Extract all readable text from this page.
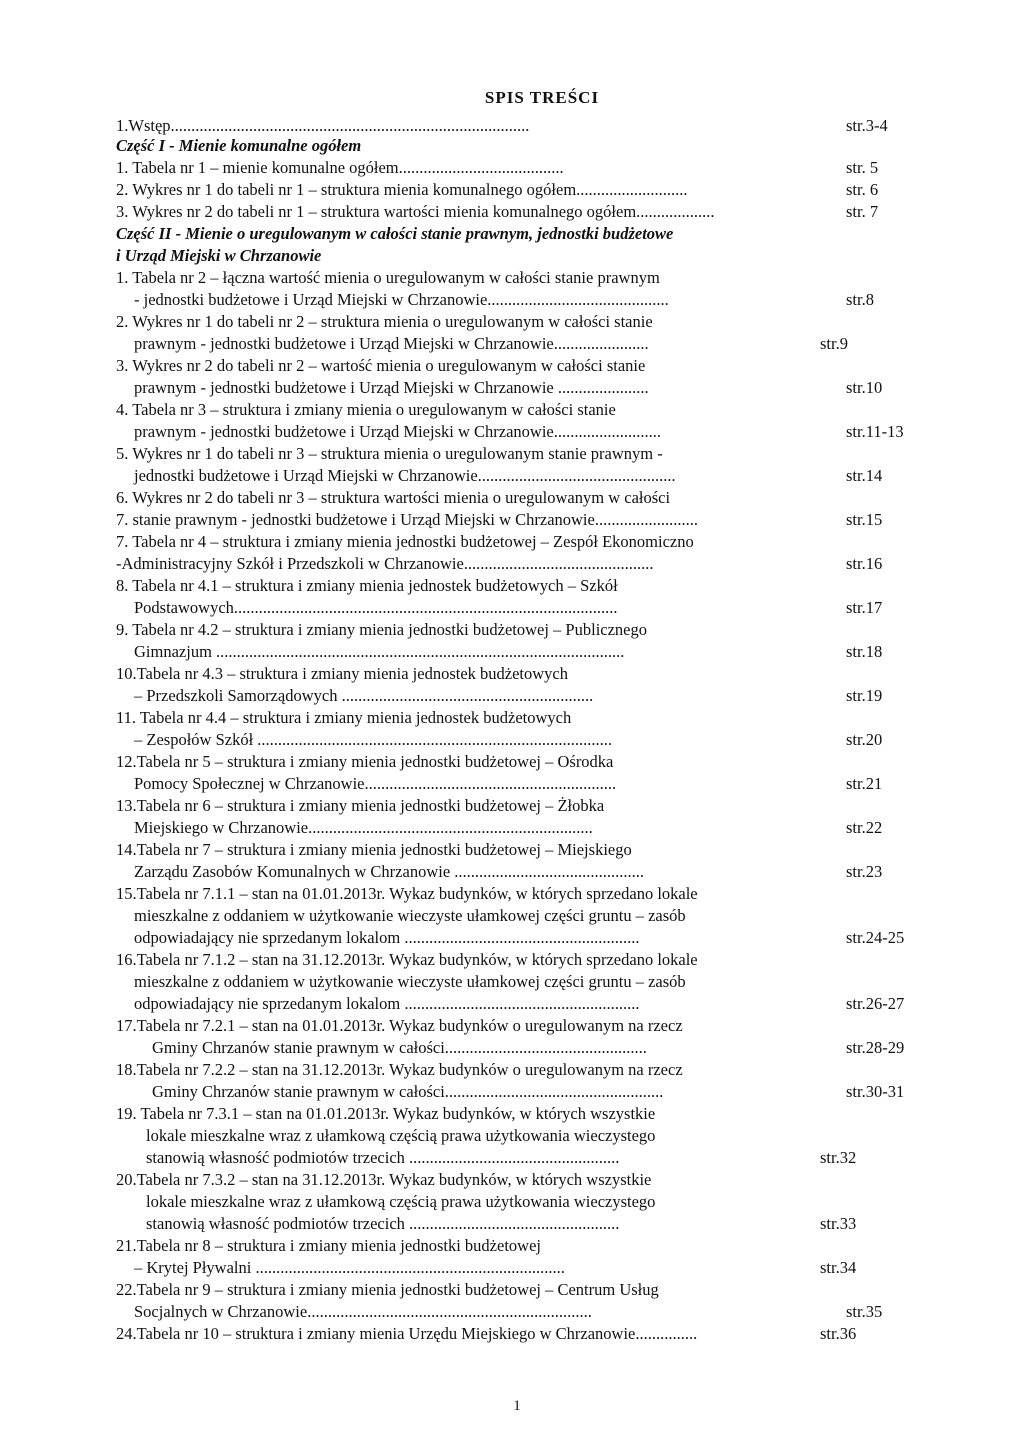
SPIS TREŚCI
1.Wstęp.......................................................................................	str.3-4
Część I - Mienie komunalne ogółem
1. Tabela nr 1 – mienie komunalne ogółem........................................	str. 5
2. Wykres nr 1 do tabeli nr 1 – struktura mienia komunalnego ogółem...........................	str. 6
3. Wykres nr 2 do tabeli nr 1 – struktura wartości mienia komunalnego ogółem...................	str. 7
Część II - Mienie o uregulowanym w całości stanie prawnym, jednostki budżetowe
i Urząd Miejski w Chrzanowie
1. Tabela nr 2 – łączna wartość mienia o uregulowanym w całości stanie prawnym
- jednostki budżetowe i Urząd Miejski w Chrzanowie............................................	str.8
2. Wykres nr 1 do tabeli nr 2 – struktura mienia o uregulowanym w całości stanie
prawnym - jednostki budżetowe i Urząd Miejski w Chrzanowie.......................	str.9
3. Wykres nr 2 do tabeli nr 2 – wartość mienia o uregulowanym w całości stanie
prawnym - jednostki budżetowe i Urząd Miejski w Chrzanowie ......................	str.10
4. Tabela nr 3 – struktura i zmiany mienia o uregulowanym w całości stanie
prawnym - jednostki budżetowe i Urząd Miejski w Chrzanowie..........................	str.11-13
5. Wykres nr 1 do tabeli nr 3 – struktura mienia o uregulowanym stanie prawnym -
jednostki budżetowe i Urząd Miejski w Chrzanowie................................................	str.14
6. Wykres nr 2 do tabeli nr 3 – struktura wartości mienia o uregulowanym w całości
7. stanie prawnym - jednostki budżetowe i Urząd Miejski w Chrzanowie.........................	str.15
7. Tabela nr 4 – struktura i zmiany mienia jednostki budżetowej – Zespół Ekonomiczno
-Administracyjny Szkół i Przedszkoli w Chrzanowie..............................................	str.16
8. Tabela nr 4.1 – struktura i zmiany mienia jednostek budżetowych – Szkół
Podstawowych.............................................................................................	str.17
9. Tabela nr 4.2 – struktura i zmiany mienia jednostki budżetowej – Publicznego
Gimnazjum ...................................................................................................	str.18
10.Tabela nr 4.3 – struktura i zmiany mienia jednostek budżetowych
– Przedszkoli Samorządowych .............................................................	str.19
11. Tabela nr 4.4 – struktura i zmiany mienia jednostek budżetowych
– Zespołów Szkół ......................................................................................	str.20
12.Tabela nr 5 – struktura i zmiany mienia jednostki budżetowej – Ośrodka
Pomocy Społecznej w Chrzanowie.............................................................	str.21
13.Tabela nr 6 – struktura i zmiany mienia jednostki budżetowej – Żłobka
Miejskiego w Chrzanowie.....................................................................	str.22
14.Tabela nr 7 – struktura i zmiany mienia jednostki budżetowej – Miejskiego
Zarządu Zasobów Komunalnych w Chrzanowie ..............................................	str.23
15.Tabela nr 7.1.1 – stan na 01.01.2013r. Wykaz budynków, w których sprzedano lokale
mieszkalne z oddaniem w użytkowanie wieczyste ułamkowej części gruntu – zasób
odpowiadający nie sprzedanym lokalom .........................................................	str.24-25
16.Tabela nr 7.1.2 – stan na 31.12.2013r. Wykaz budynków, w których sprzedano lokale
mieszkalne z oddaniem w użytkowanie wieczyste ułamkowej części gruntu – zasób
odpowiadający nie sprzedanym lokalom .........................................................	str.26-27
17.Tabela nr 7.2.1 – stan na 01.01.2013r. Wykaz budynków o uregulowanym na rzecz
Gminy Chrzanów stanie prawnym w całości.................................................	str.28-29
18.Tabela nr 7.2.2 – stan na 31.12.2013r. Wykaz budynków o uregulowanym na rzecz
Gminy Chrzanów stanie prawnym w całości.....................................................	str.30-31
19. Tabela nr 7.3.1 – stan na 01.01.2013r. Wykaz budynków, w których wszystkie
lokale mieszkalne wraz z ułamkową częścią prawa użytkowania wieczystego
stanowią własność podmiotów trzecich ...................................................	str.32
20.Tabela nr 7.3.2 – stan na 31.12.2013r. Wykaz budynków, w których wszystkie
lokale mieszkalne wraz z ułamkową częścią prawa użytkowania wieczystego
stanowią własność podmiotów trzecich ...................................................	str.33
21.Tabela nr 8 – struktura i zmiany mienia jednostki budżetowej
– Krytej Pływalni ...........................................................................	str.34
22.Tabela nr 9 – struktura i zmiany mienia jednostki budżetowej – Centrum Usług
Socjalnych w Chrzanowie.....................................................................	str.35
24.Tabela nr 10 – struktura i zmiany mienia Urzędu Miejskiego w Chrzanowie...............	str.36
1
